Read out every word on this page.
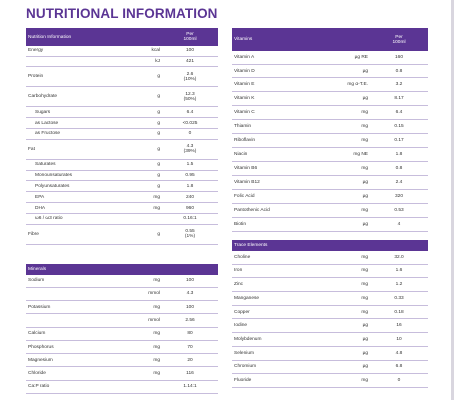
NUTRITIONAL INFORMATION
Nutrition Information		Per
100ml
Energy	kcal	100
	kJ	421
Protein	g	2.6
(10%)
Carbohydrate	g	12.3
(50%)
Sugars	g	6.4
as Lactose	g	<0.025
as Fructose	g	0
Fat	g	4.3
(39%)
Saturates	g	1.5
Monounsaturates	g	0.95
Polyunsaturates	g	1.8
EPA	mg	240
DHA	mg	960
ω6 / ω3 ratio		0.16:1
Fibre	g	0.55
(1%)
Minerals		
Sodium	mg	100
	mmol	4.3
Potassium	mg	100
	mmol	2.56
Calcium	mg	80
Phosphorus	mg	70
Magnesium	mg	20
Chloride	mg	116
Ca:P ratio		1.14:1
Vitamins		Per
100ml
Vitamin A	µg RE	160
Vitamin D	µg	0.8
Vitamin E	mg α-T.E.	3.2
Vitamin K	µg	8.17
Vitamin C	mg	6.4
Thiamin	mg	0.15
Riboflavin	mg	0.17
Niacin	mg NE	1.8
Vitamin B6	mg	0.8
Vitamin B12	µg	2.4
Folic Acid	µg	320
Pantothenic Acid	mg	0.53
Biotin	µg	4
Trace Elements		
Choline	mg	32.0
Iron	mg	1.6
Zinc	mg	1.2
Manganese	mg	0.33
Copper	mg	0.18
Iodine	µg	16
Molybdenum	µg	10
Selenium	µg	4.8
Chromium	µg	6.8
Fluoride	mg	0
